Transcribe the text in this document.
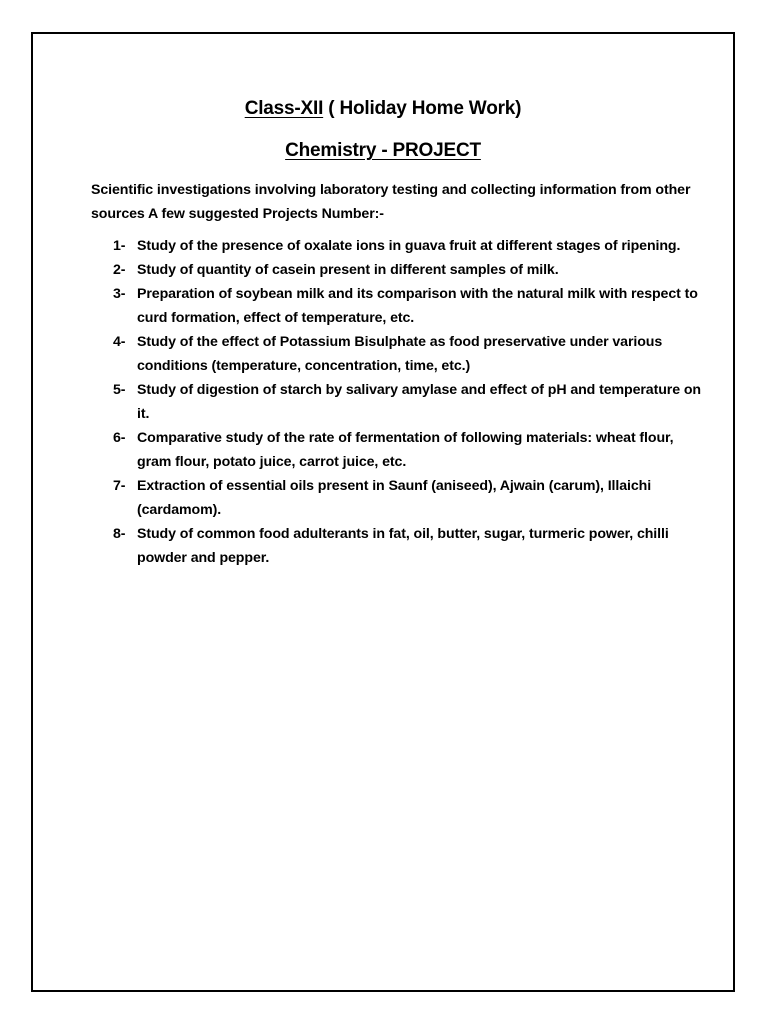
Class-XII ( Holiday Home Work)
Chemistry - PROJECT
Scientific investigations involving laboratory testing and collecting information from other sources A few suggested Projects Number:-
1- Study of the presence of oxalate ions in guava fruit at different stages of ripening.
2- Study of quantity of casein present in different samples of milk.
3- Preparation of soybean milk and its comparison with the natural milk with respect to curd formation, effect of temperature, etc.
4- Study of the effect of Potassium Bisulphate as food preservative under various conditions (temperature, concentration, time, etc.)
5- Study of digestion of starch by salivary amylase and effect of pH and temperature on it.
6- Comparative study of the rate of fermentation of following materials: wheat flour, gram flour, potato juice, carrot juice, etc.
7- Extraction of essential oils present in Saunf (aniseed), Ajwain (carum), Illaichi (cardamom).
8- Study of common food adulterants in fat, oil, butter, sugar, turmeric power, chilli powder and pepper.
